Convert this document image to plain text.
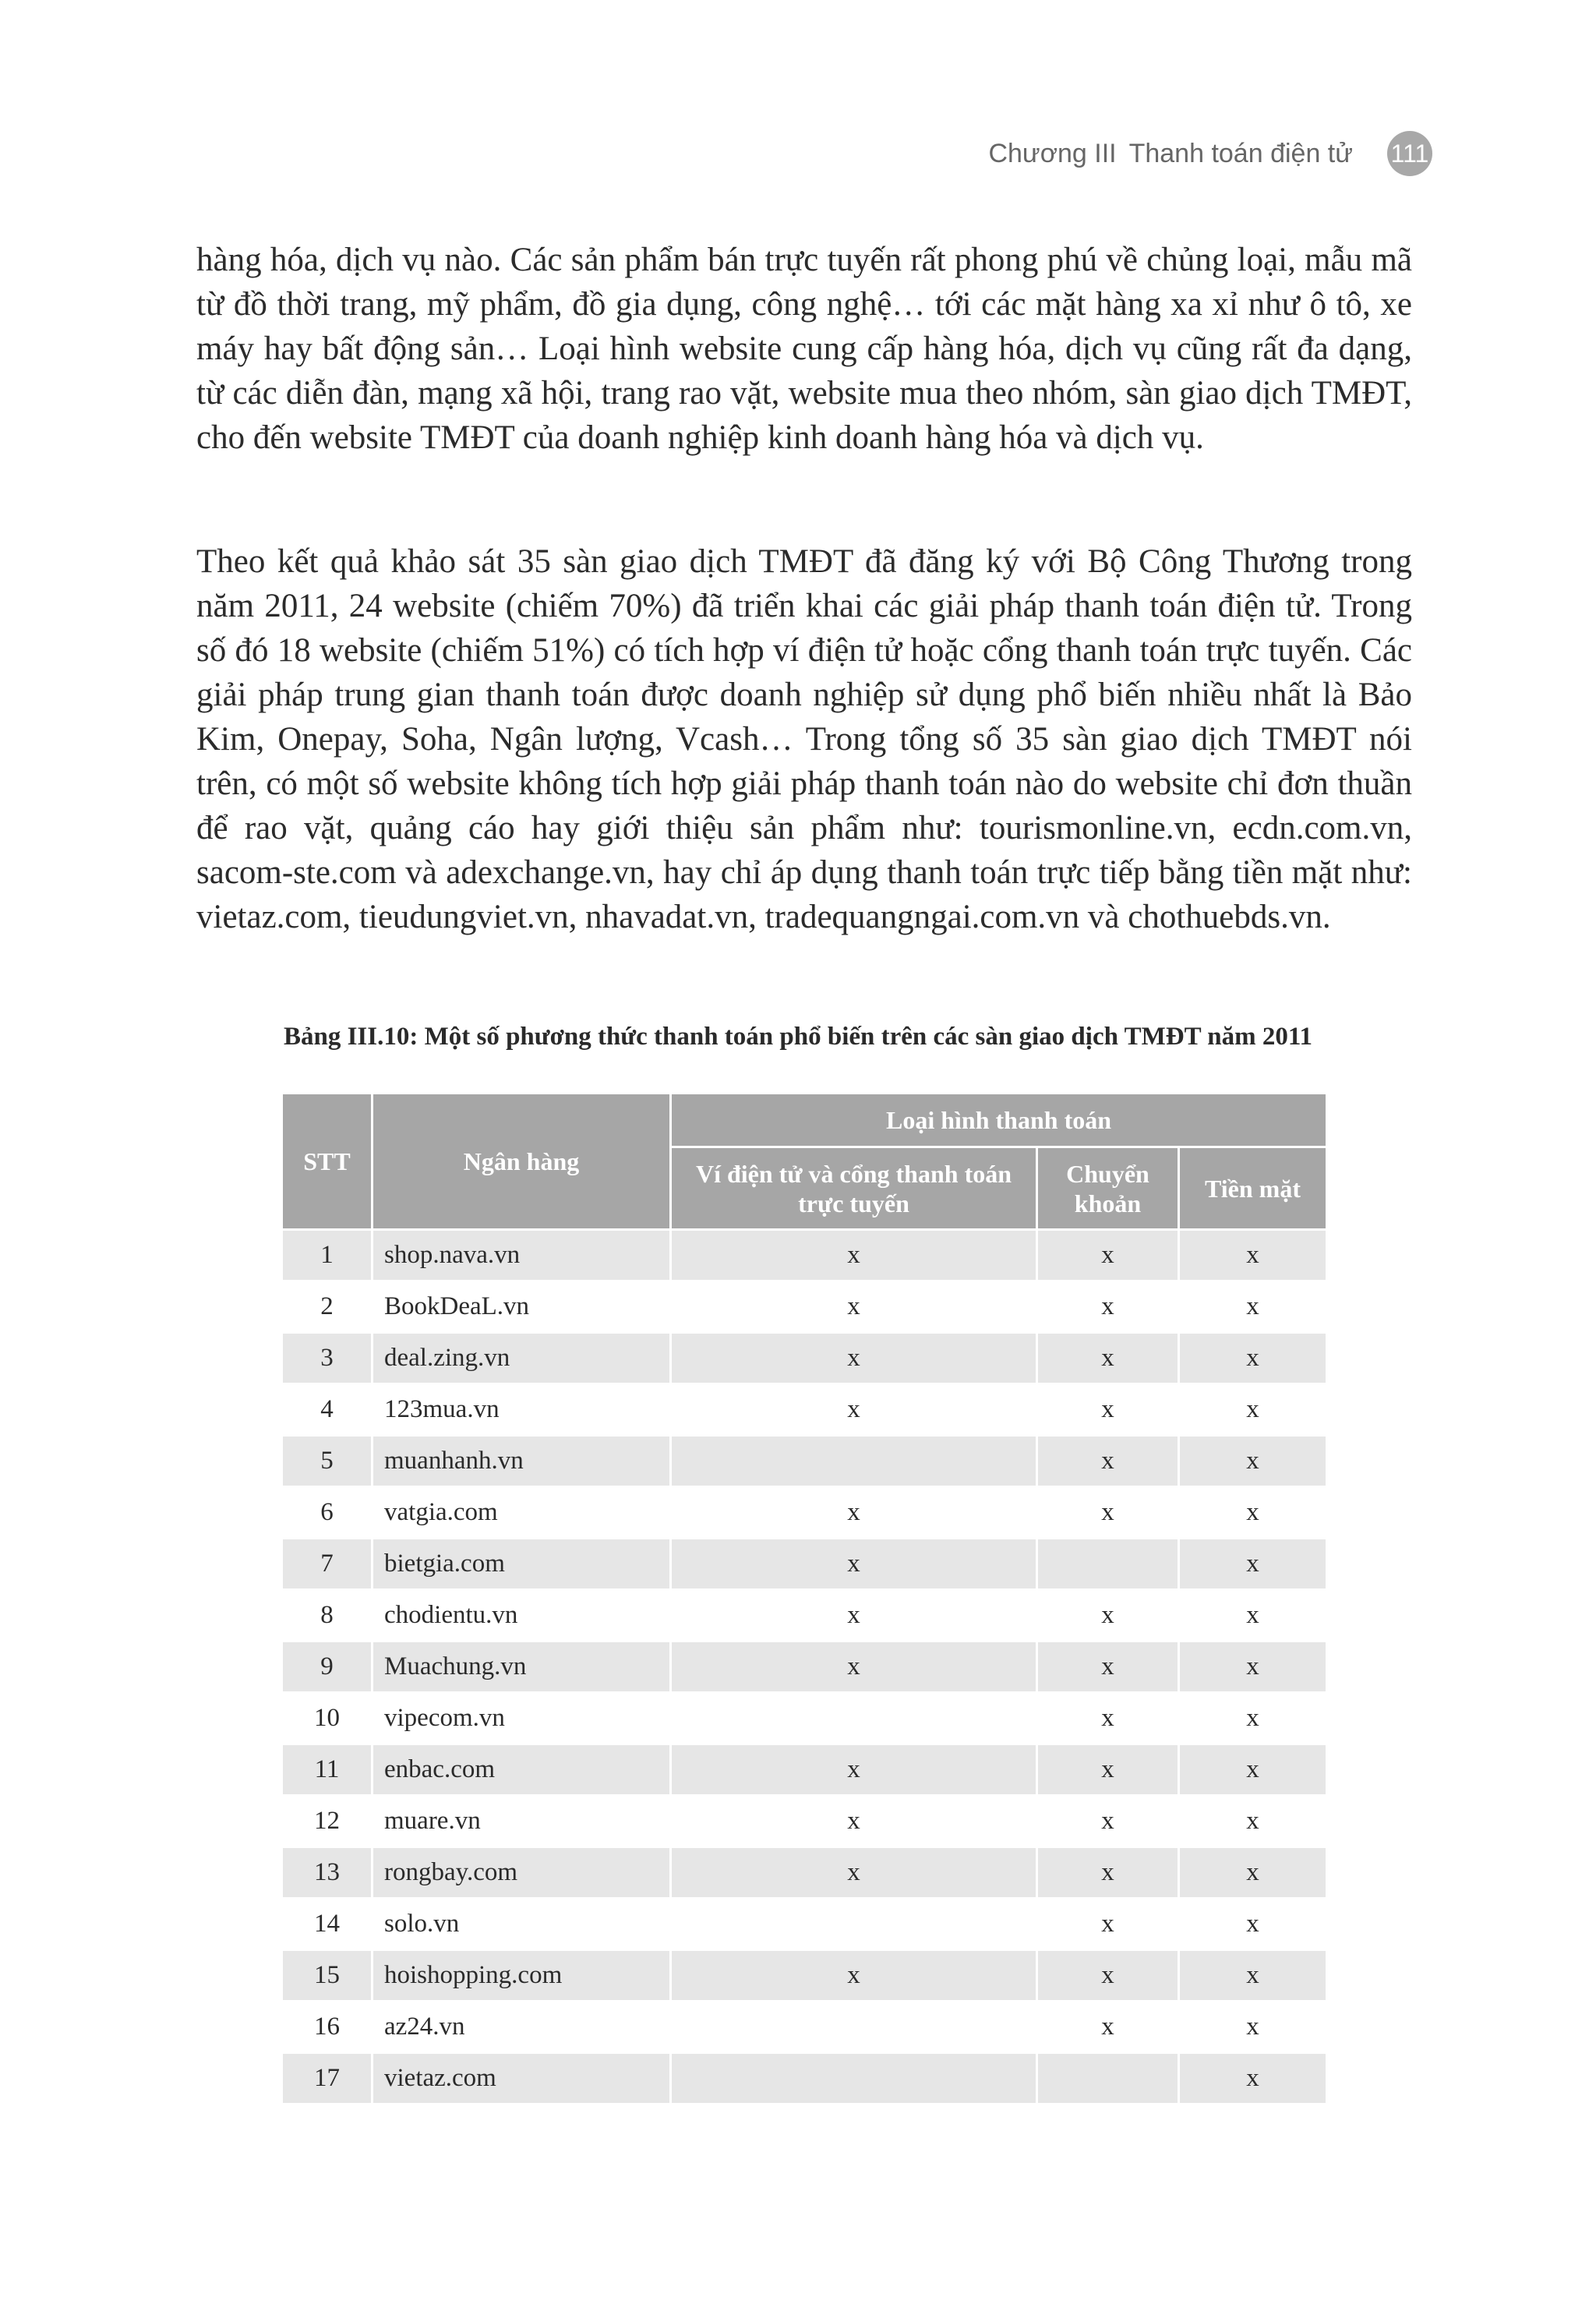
Chương III Thanh toán điện tử 111

hàng hóa, dịch vụ nào. Các sản phẩm bán trực tuyến rất phong phú về chủng loại, mẫu mã từ đồ thời trang, mỹ phẩm, đồ gia dụng, công nghệ… tới các mặt hàng xa xỉ như ô tô, xe máy hay bất động sản… Loại hình website cung cấp hàng hóa, dịch vụ cũng rất đa dạng, từ các diễn đàn, mạng xã hội, trang rao vặt, website mua theo nhóm, sàn giao dịch TMĐT, cho đến website TMĐT của doanh nghiệp kinh doanh hàng hóa và dịch vụ.

Theo kết quả khảo sát 35 sàn giao dịch TMĐT đã đăng ký với Bộ Công Thương trong năm 2011, 24 website (chiếm 70%) đã triển khai các giải pháp thanh toán điện tử. Trong số đó 18 website (chiếm 51%) có tích hợp ví điện tử hoặc cổng thanh toán trực tuyến. Các giải pháp trung gian thanh toán được doanh nghiệp sử dụng phổ biến nhiều nhất là Bảo Kim, Onepay, Soha, Ngân lượng, Vcash… Trong tổng số 35 sàn giao dịch TMĐT nói trên, có một số website không tích hợp giải pháp thanh toán nào do website chỉ đơn thuần để rao vặt, quảng cáo hay giới thiệu sản phẩm như: tourismonline.vn, ecdn.com.vn, sacom-ste.com và adexchange.vn, hay chỉ áp dụng thanh toán trực tiếp bằng tiền mặt như: vietaz.com, tieudungviet.vn, nhavadat.vn, tradequangngai.com.vn và chothuebds.vn.

Bảng III.10: Một số phương thức thanh toán phổ biến trên các sàn giao dịch TMĐT năm 2011
STT	Ngân hàng	Loại hình thanh toán		
		Ví điện tử và cổng thanh toán trực tuyến	Chuyển khoản	Tiền mặt
1	shop.nava.vn	x	x	x
2	BookDeaL.vn	x	x	x
3	deal.zing.vn	x	x	x
4	123mua.vn	x	x	x
5	muanhanh.vn		x	x
6	vatgia.com	x	x	x
7	bietgia.com	x		x
8	chodientu.vn	x	x	x
9	Muachung.vn	x	x	x
10	vipecom.vn		x	x
11	enbac.com	x	x	x
12	muare.vn	x	x	x
13	rongbay.com	x	x	x
14	solo.vn		x	x
15	hoishopping.com	x	x	x
16	az24.vn		x	x
17	vietaz.com			x
